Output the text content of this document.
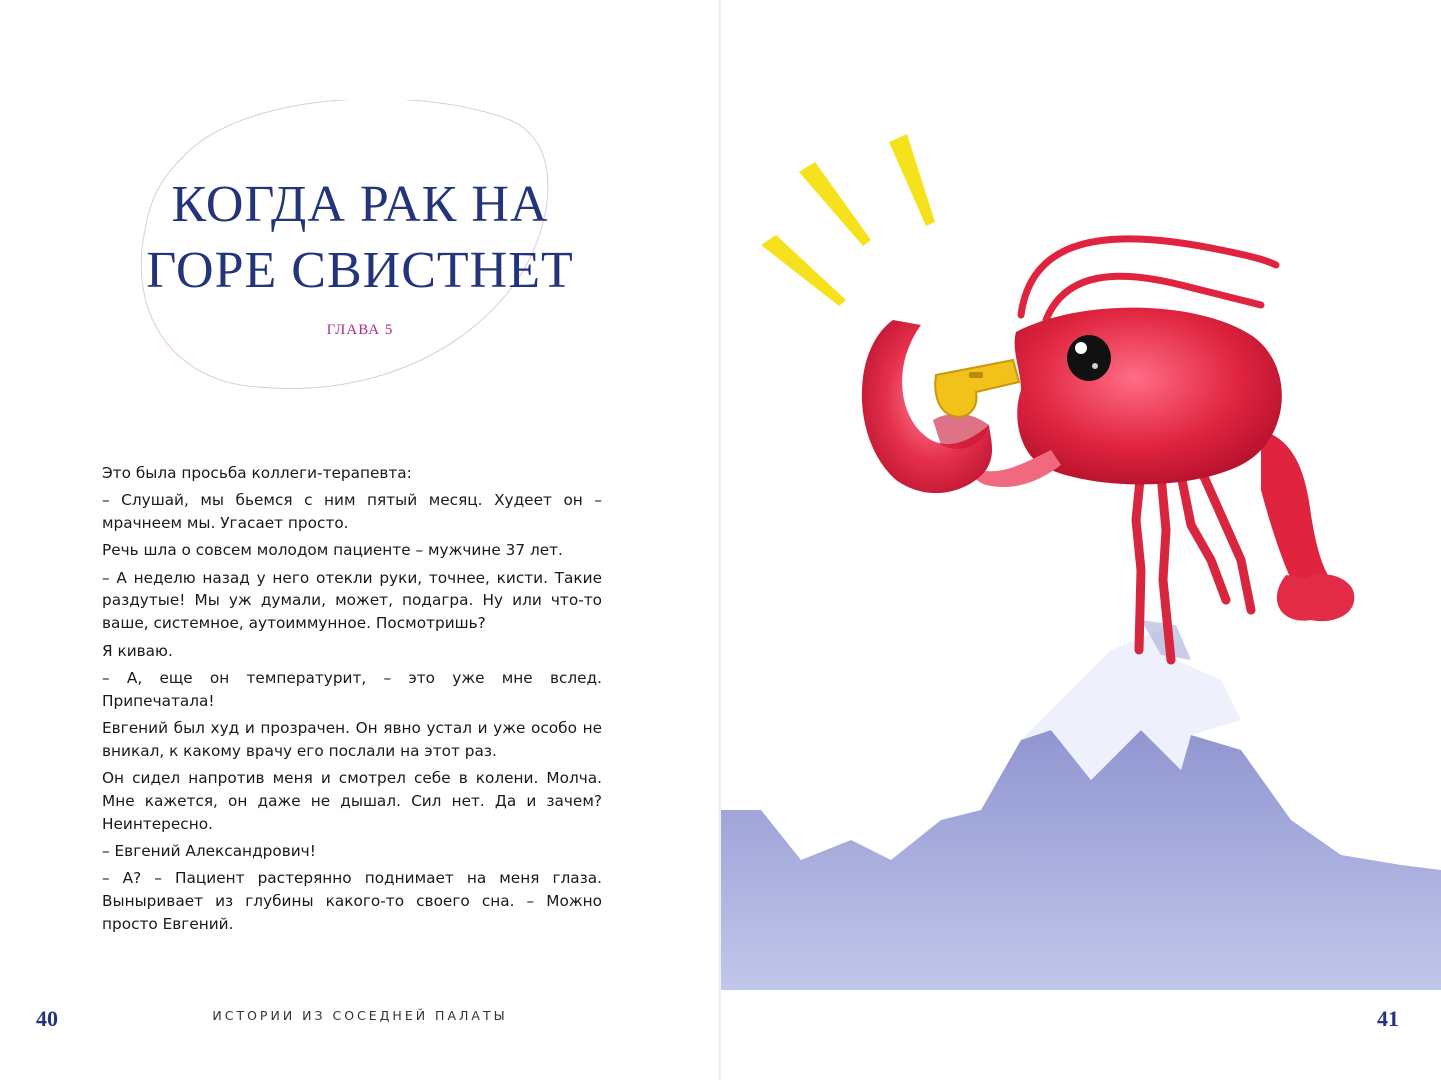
КОГДА РАК НА
ГОРЕ СВИСТНЕТ
ГЛАВА 5

Это была просьба коллеги-терапевта:

– Слушай, мы бьемся с ним пятый месяц. Худеет он – мрачнеем мы. Угасает просто.

Речь шла о совсем молодом пациенте – мужчине 37 лет.

– А неделю назад у него отекли руки, точнее, кисти. Такие раздутые! Мы уж думали, может, подагра. Ну или что-то ваше, системное, аутоиммунное. Посмотришь?

Я киваю.

– А, еще он температурит, – это уже мне вслед. Припечатала!

Евгений был худ и прозрачен. Он явно устал и уже особо не вникал, к какому врачу его послали на этот раз.

Он сидел напротив меня и смотрел себе в колени. Молча. Мне кажется, он даже не дышал. Сил нет. Да и зачем? Неинтересно.

– Евгений Александрович!

– А? – Пациент растерянно поднимает на меня глаза. Выныривает из глубины какого-то своего сна. – Можно просто Евгений.

40	ИСТОРИИ ИЗ СОСЕДНЕЙ ПАЛАТЫ	41
